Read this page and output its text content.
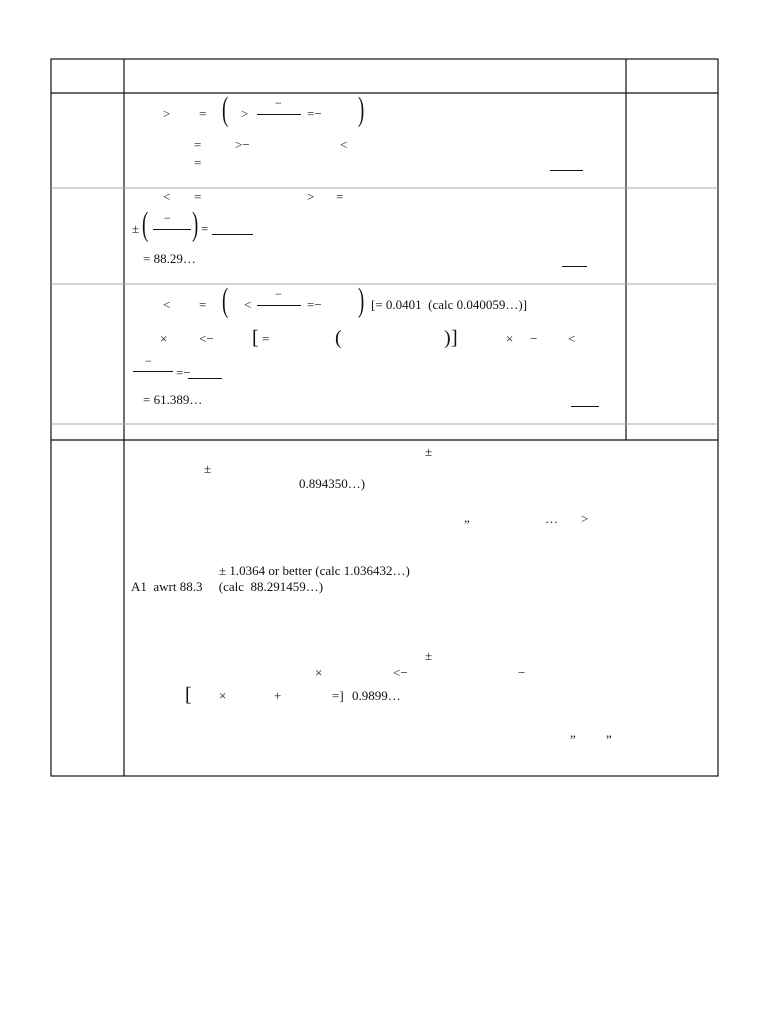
> = ( >
−
=− )
=	>−	<
=
< =	> =
± ( − ) =
= 88.29…
< = ( <
−
=− ) [= 0.0401  (calc 0.040059…)]
× <− [ =	(	) ]	× − <
−
=−
= 61.389…
±
±
0.894350…)
„	… >
± 1.0364 or better (calc 1.036432…)
A1  awrt 88.3     (calc  88.291459…)
±
×	<−	−
[ ×	+	=] 0.9899…
” ”
